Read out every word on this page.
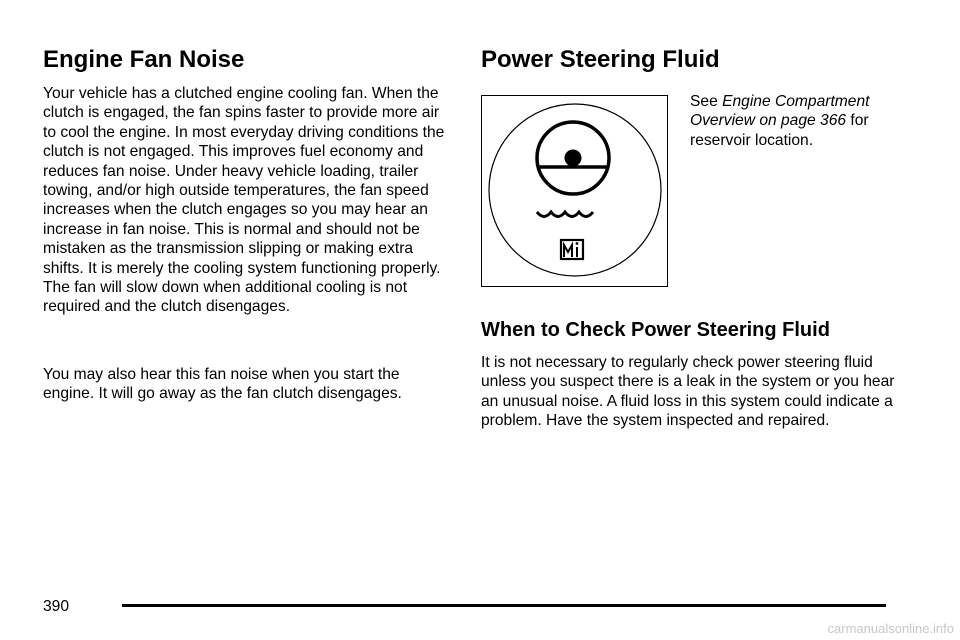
Engine Fan Noise

Your vehicle has a clutched engine cooling fan. When the clutch is engaged, the fan spins faster to provide more air to cool the engine. In most everyday driving conditions the clutch is not engaged. This improves fuel economy and reduces fan noise. Under heavy vehicle loading, trailer towing, and/or high outside temperatures, the fan speed increases when the clutch engages so you may hear an increase in fan noise. This is normal and should not be mistaken as the transmission slipping or making extra shifts. It is merely the cooling system functioning properly. The fan will slow down when additional cooling is not required and the clutch disengages.

You may also hear this fan noise when you start the engine. It will go away as the fan clutch disengages.

Power Steering Fluid
See Engine Compartment Overview on page 366 for reservoir location.
When to Check Power Steering Fluid

It is not necessary to regularly check power steering fluid unless you suspect there is a leak in the system or you hear an unusual noise. A fluid loss in this system could indicate a problem. Have the system inspected and repaired.

390
carmanualsonline.info
